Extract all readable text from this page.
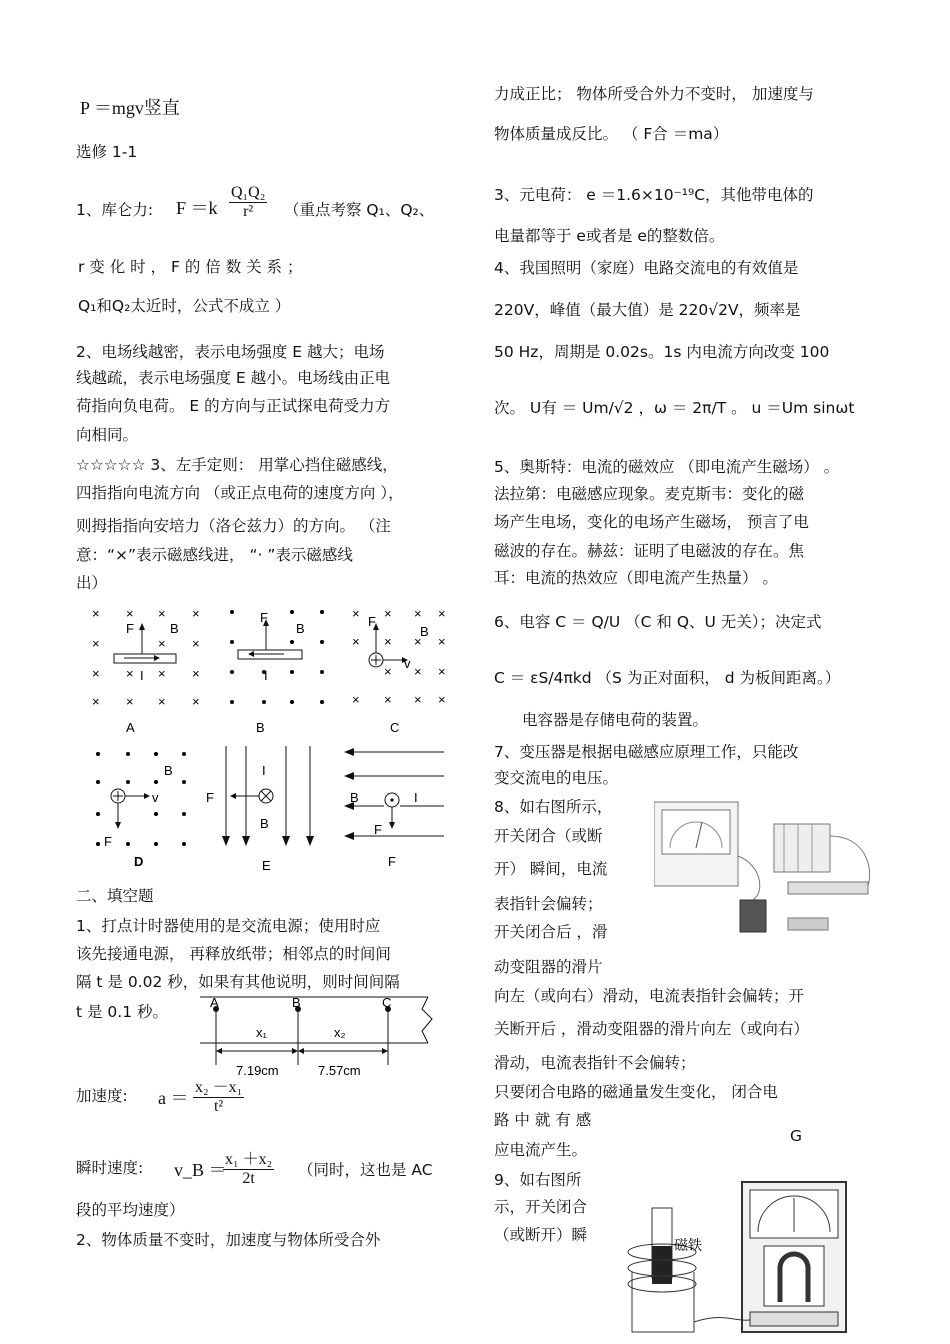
P ＝mgv竖直
选修 1-1
1、库仑力: $F =k \frac{\text{Q₁Q₂}}{\text{r²}}$ （重点考察 Q₁、Q₂、
r 变 化 时 ， F 的 倍 数 关 系 ；
Q₁和Q₂太近时，公式不成立 ）
2、电场线越密，表示电场强度 E 越大；电场
线越疏，表示电场强度 E 越小。电场线由正电
荷指向负电荷。 E 的方向与正试探电荷受力方
向相同。
☆☆☆☆☆ 3、左手定则： 用掌心挡住磁感线，
四指指向电流方向 （或正点电荷的速度方向 ），
则拇指指向安培力（洛仑兹力）的方向。 （注
意：“×”表示磁感线进， “· ”表示磁感线
出）
× × × ×
×	× ×
× × × ×
× × × ×
F	B
I
A
F
B
I
B
× × × ×
× × × ×
× × ×
× × × ×
F
B
v
C
B
v
F
D
I
F
B
E
B	I
F
F
二、填空题
1、打点计时器使用的是交流电源；使用时应
该先接通电源， 再释放纸带；相邻点的时间间
隔 t 是 0.02 秒，如果有其他说明，则时间间隔
t 是 0.1 秒。
A	B	C
x₁	x₂
7.19cm	7.57cm
加速度: $a = \frac{\text{x₂ －x₁}}{\text{t²}}$
瞬时速度: v_B ＝
$\frac{\text{x₁ ＋x₂}}{2t}$ （同时，这也是 AC
段的平均速度）
2、物体质量不变时，加速度与物体所受合外
力成正比； 物体所受合外力不变时， 加速度与
物体质量成反比。 （ F合 ＝ma）
3、元电荷： e ＝1.6×10⁻¹⁹C，其他带电体的
电量都等于 e或者是 e的整数倍。
4、我国照明（家庭）电路交流电的有效值是
220V，峰值（最大值）是 220√2V，频率是
50 Hz，周期是 0.02s。1s 内电流方向改变 100
次。 U有 ＝ Um/√2 ，ω ＝ 2π/T 。 u ＝Um sinωt
5、奥斯特：电流的磁效应 （即电流产生磁场） 。
法拉第：电磁感应现象。麦克斯韦：变化的磁
场产生电场，变化的电场产生磁场， 预言了电
磁波的存在。赫兹：证明了电磁波的存在。焦
耳：电流的热效应（即电流产生热量） 。
6、电容 C ＝ Q/U （C 和 Q、U 无关）；决定式
C ＝ εS/4πkd （S 为正对面积， d 为板间距离。）
电容器是存储电荷的装置。
7、变压器是根据电磁感应原理工作，只能改
变交流电的电压。
8、如右图所示，
开关闭合（或断
开） 瞬间，电流
表指针会偏转；
开关闭合后 ，滑
动变阻器的滑片
向左（或向右）滑动，电流表指针会偏转；开
关断开后 ，滑动变阻器的滑片向左（或向右）
滑动，电流表指针不会偏转；
只要闭合电路的磁通量发生变化， 闭合电
路 中 就 有 感
应电流产生。
G
9、如右图所
示，开关闭合
（或断开）瞬
磁铁
